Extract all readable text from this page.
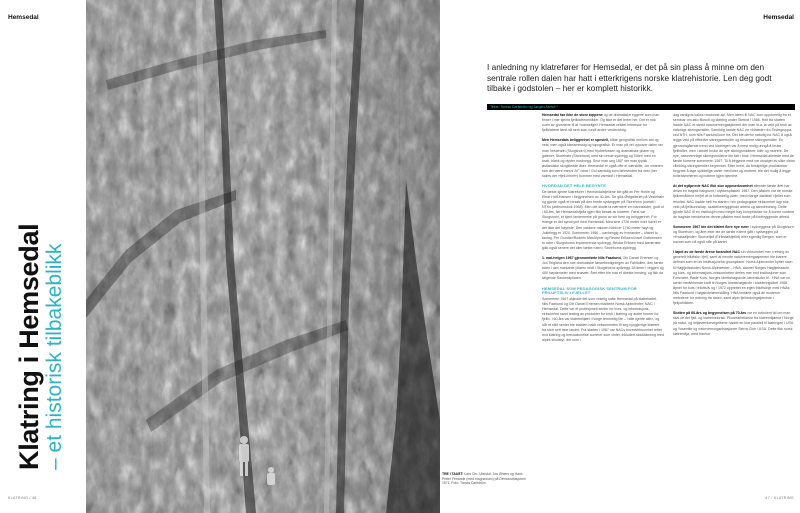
Hemsedal
Klatring i Hemsedal – et historisk tilbakeblikk
TRE I TAUET: Lars Chr. Utendal, Jon Øhlers og Hans Petter Fenande (med magnesium) på Demonstrasjonen 1971. Foto: Tomas Carlström
KLATRING / 46
Hemsedal
I anledning ny klatrefører for Hemsedal, er det på sin plass å minne om den sentrale rollen dalen har hatt i etterkrigens norske klatrehistorie. Len deg godt tilbake i godstolen – her er komplett historikk.
Tekst: Tomas Carlström og Jørgen Asmol *

Hemsedal har ikke de store toppene og de dramatiske eggene som man finner i mer kjente fjellklatreområder. Og ikke er det breer her. Det er nok noen av grunnene til at «uanselige» Hemsedal vekket interesse for fjellklatrere først så sent som rundt andre verdenskrig.

Men Hemsedals beliggenhet er spesiell, både geografisk mellom øst og vest, men også klimamessig og topografisk. Er man på vei oppover dalen ser man Veslehøin (Skogshorn) med Hydnefossen og dramatiske pilarer og gaterier, Storehøin (Storehorn) med sin brede sydvegg og Tollen med en bratt, blank og dyster nordvegg. Snur man seg 180° ser man typisk østlandske skogkledde åser. Hemsedal er også ofte et værskille, om vinteren kan det være minus 20° nede i Gol samtidig som føhnvinden fra vest (her kalles det «fjell-linnet») kommer med varmluft i Hemsedal.

HVORDAN DET HELE BEGYNTE

De første kjente klatreturer i Hemsedalsfjellene ble gått av Per Hohle og Einar Hoff-Hansen i begynnelsen av 40-års. De gikk Østgalleriet på Veslehøin og gjorde også et forsøk på den brede sydveggen på Storehorn (omtalt i NTKs jubileumsbok 1968). Men det skulle ta nærmere en mannsalder, godt ut i 60-års, før Hemsedalsfjella igjen fikk besøk av klatrere. Først var Skogshorn, et kjent landemerke på grunn av sin form og beliggenhet. For mange er det synonymt med Hemsedal. Med sine 1728 meter over havet er det ikke det høyeste. Den vakkere naboen Nibbi er 1740 meter høyt og Juklelegg er 1920. Sommeren 1966 – uavhengig av hverandre – klatret to taulag, Per Goodier/Roderic MacAlpine og Reidar Eriksen/Josef Guttormsen to ruter i Skogshorns imponerende sydvegg. Reidar Eriksen med kamerater gikk også senere det aller første ruten i Storehorns sydvegg.

1. mai-helgen 1967 gjennomførte Nils Faarlund, Ole Daniel Enersen og Jon Teigland den noe dramatiske førstebestigningen av Fanitullen, den første ruten i den markante pilaren midt i Skogshorns sydvegg. 28 timer i veggen og 400 høydemeter med snøvær. Året etter ble ruta et direkte innsteg, og fikk da følgende Sankeslipilaren.

HEMSEDAL SOM PEDAGOGISK SENTRUM FOR FRILUFTSLIV I FJELLET

Sommeren 1967 skjedde det som virkelig satte Hemsedal på klatrekartet. Nils Faarlund og Ole Daniel Enersen etablerte Norsk Alpincenter, NAC, i Hemsedal. Dette var et profesjonelt senter for kurs- og informasjons-virksomhet samt testing av produkter for bruk i klatring og andre former for fjelliv. I 60-års var klatremiljøet i Norge temmelig lite – «alle kjente alle», og når et slikt senter ble etablert bakk virksomheten til seg nysgjerrige klatrere fra stort sett hele landet. Fra starten i 1967 var NACs hovedvirksomhet rettet mot klatring og breutdannelse sommer som vinter, inkludert skiutdanning med alpint skiutstyr, det som i

dag vanligvis kalles randonné-ski. Men ideen til NAC kom opprinnelig fra et seminar om øko-filosofi og klatring under Stetind i 1966. Helt fra starten hadde NAC et sterkt naturvernengasjement der man bl.a. la vekt på bruk av naturlige sikringsmidler. Samtidig hadde NAC en «klatede» fra Tindegruppa ved NTH, som Nils Faarlund kom fra. Det ble derfor naturlig for NAC å også legge vekt på effektive sikringsmetoder og moderne sikringsmidler. En gjennomgående trend ved klatringen var å mest mulig unngå å bruke fjellbolter, men i stedet bruke de nye sikringsmidlene; kiler og mutrere. De nye, naturvennlige sikringsmidlene ble tatt i bruk i Hemsedal allerede med de første kursene sommeren 1967. Til å begynne med var utvalget av slike clean climbing-sikringsmidler begrenset. Etter hvert, da forskjellige produsenter begynte å lage spikkelige varier med kiler og mutrere, ble det mulig å legge boltehammeren og boltene igjen hjemme.

At det nyåpnede NAC fikk stor oppmerksomhet allerede første året har delvis en tragisk bakgrunn i ulykkespåsken 1967. Den påsken var de norske fjellområdene herjet at et forferdelig uvær, med mange dødsfall i fjellet som resultat. NAC hadde helt fra starten i sin pedagogiske virksomhet lagt stor vekt på fjellkunnskap, skadeforebyggende arbeid og skredredning. Dette gjorde NAC til en institusjon med meget høy kompetanse for å kunne vurdere de tragiske hendelsene denne påsken med tanke på forebyggende arbeid.

Sommeren 1967 ble det klatret flere nye ruter i sydveggene på Skogshorn og Storehorn, og året etter ble de første rutene gått i sydveggen på «Kvasseljelde» Skurvefjell (Eirikstølsfjellet) eller egentlig Bergen, som er navnet som nå også står på kartet.

I løpet av de første årene forandret NAC sin virksomhet mer i retning av generelt friluftsliv i fjell, samt at nevnte naturvernengasjement ble klarere definert som en av institusjonens grunnpilarer. Norsk Alpincenter byttet navn til Høgfjellsskolen Norsk Alpinsenter – HNA, dannet Norges Høgfjellsskole, og kurs- og informasjons-virksomheten dreies mer mot institusjoner som Forsvaret, Røde Kors, Norges Idrettshøgskole, lærerskoler bl.. HNA var en sterkt medvirkende kraft til Norges Idrettshøgskole i etableringsåret 1968 åpnet for kurs i friluftsliv og i 1972 opprettet en egen friluftslinje med HNAs Nils Faarlund i høgskolelærerstilling. HNA innførte også de moderne metodene for redning fra skred, samt alpin fjellredningstjeneste i fjellpolitikken.

Slutten på 60-års og begynnelsen på 70-års var en turbulent tid om man skal se det fjell- og klatrehistorisk. Pionerarbeidene fra klatremiljøene i Norge på natur- og miljøvernbevegelsene hadde en klar parallell til klatringen i USA og Yosemite og naturvernorganisasjonen Sierra Club i USA. Dette fikk norsk klatremiljø, med tranhor

47 / KLATRING
